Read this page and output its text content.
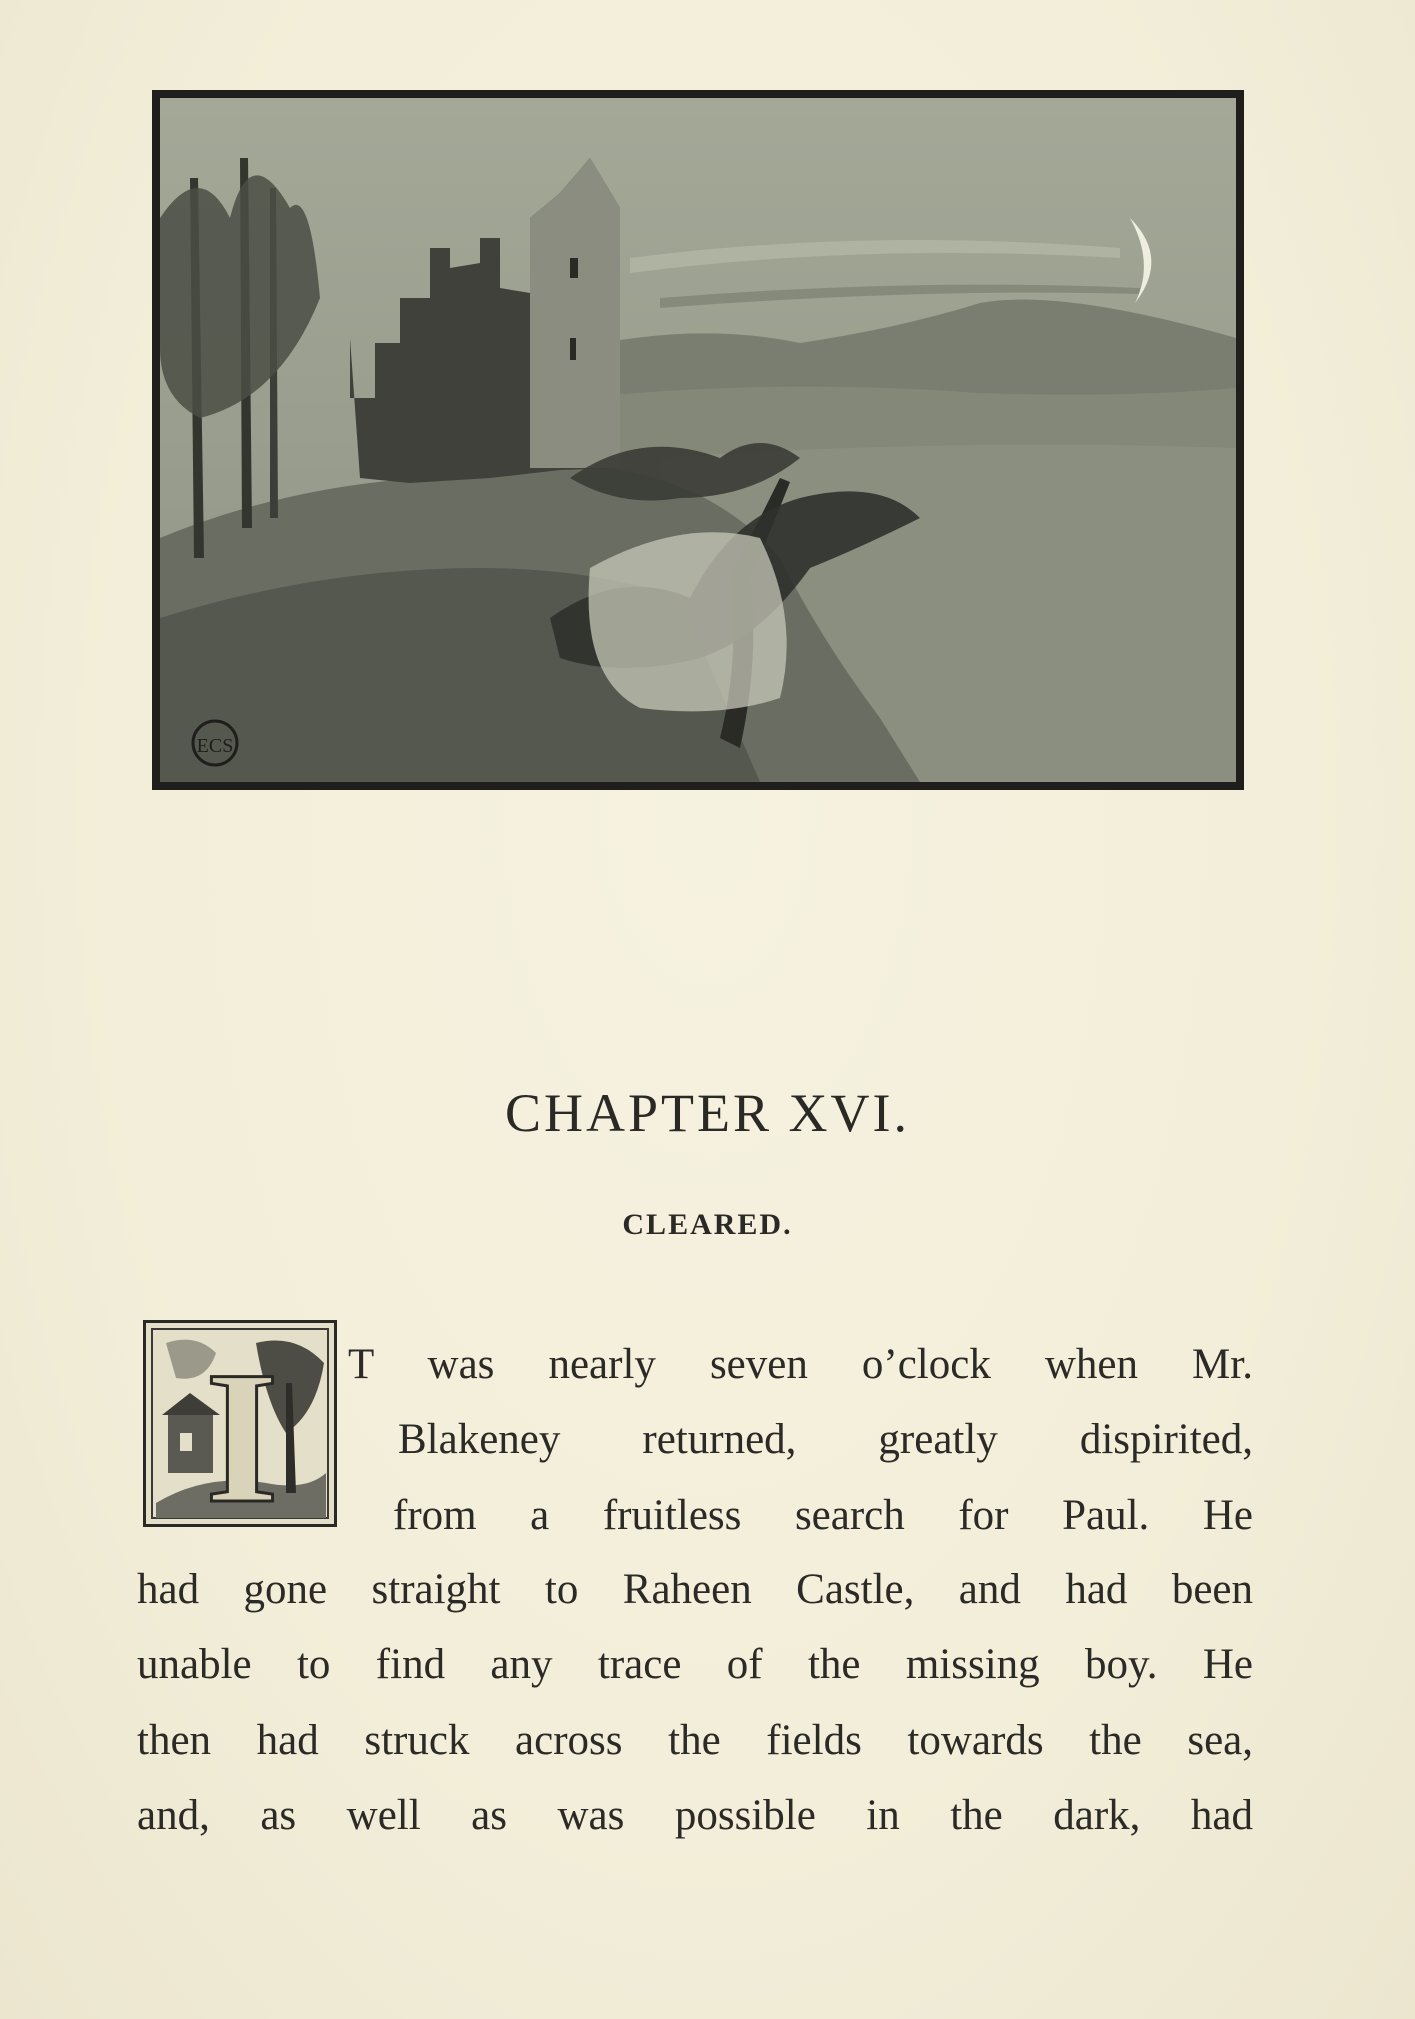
ECS
CHAPTER XVI.
CLEARED.
I T was nearly seven o’clock when Mr.
Blakeney returned, greatly dispirited,
from a fruitless search for Paul. He
had gone straight to Raheen Castle, and had been
unable to find any trace of the missing boy. He
then had struck across the fields towards the sea,
and, as well as was possible in the dark, had
